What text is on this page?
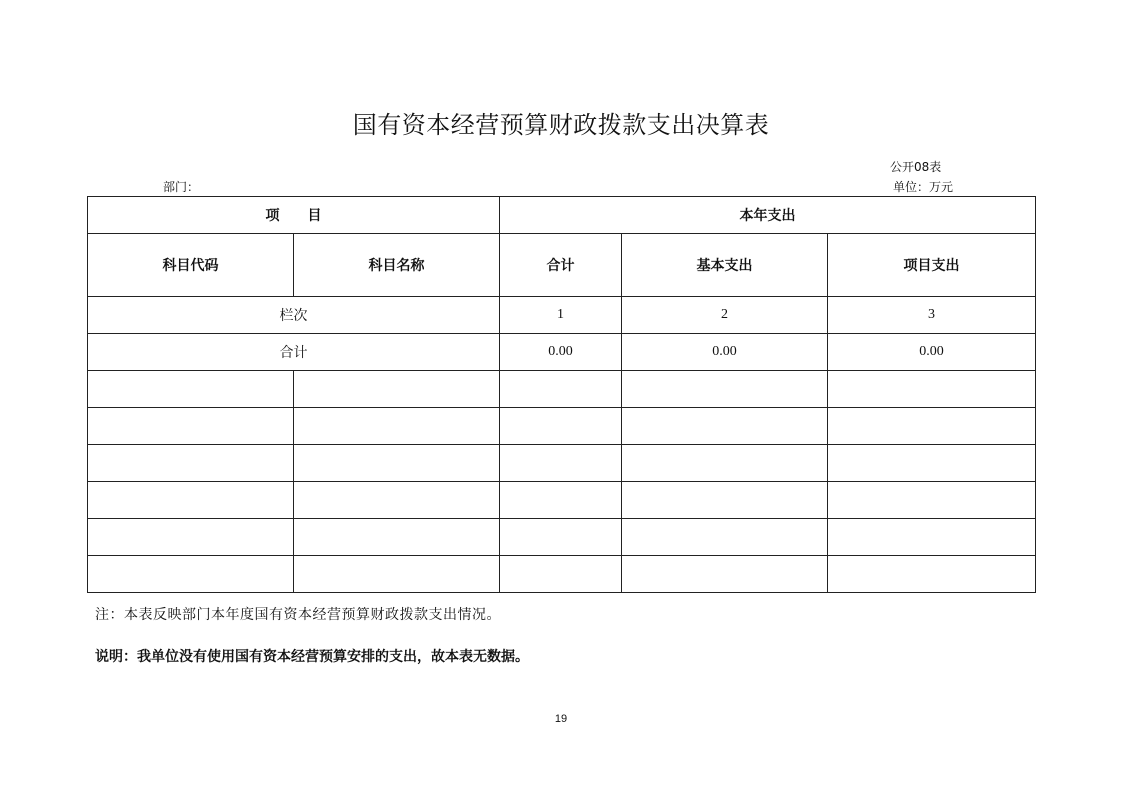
国有资本经营预算财政拨款支出决算表
公开08表
部门：	单位：万元
项　　目		本年支出		
科目代码	科目名称	合计	基本支出	项目支出
栏次		1	2	3
合计		0.00	0.00	0.00

注：本表反映部门本年度国有资本经营预算财政拨款支出情况。
说明：我单位没有使用国有资本经营预算安排的支出，故本表无数据。
19
